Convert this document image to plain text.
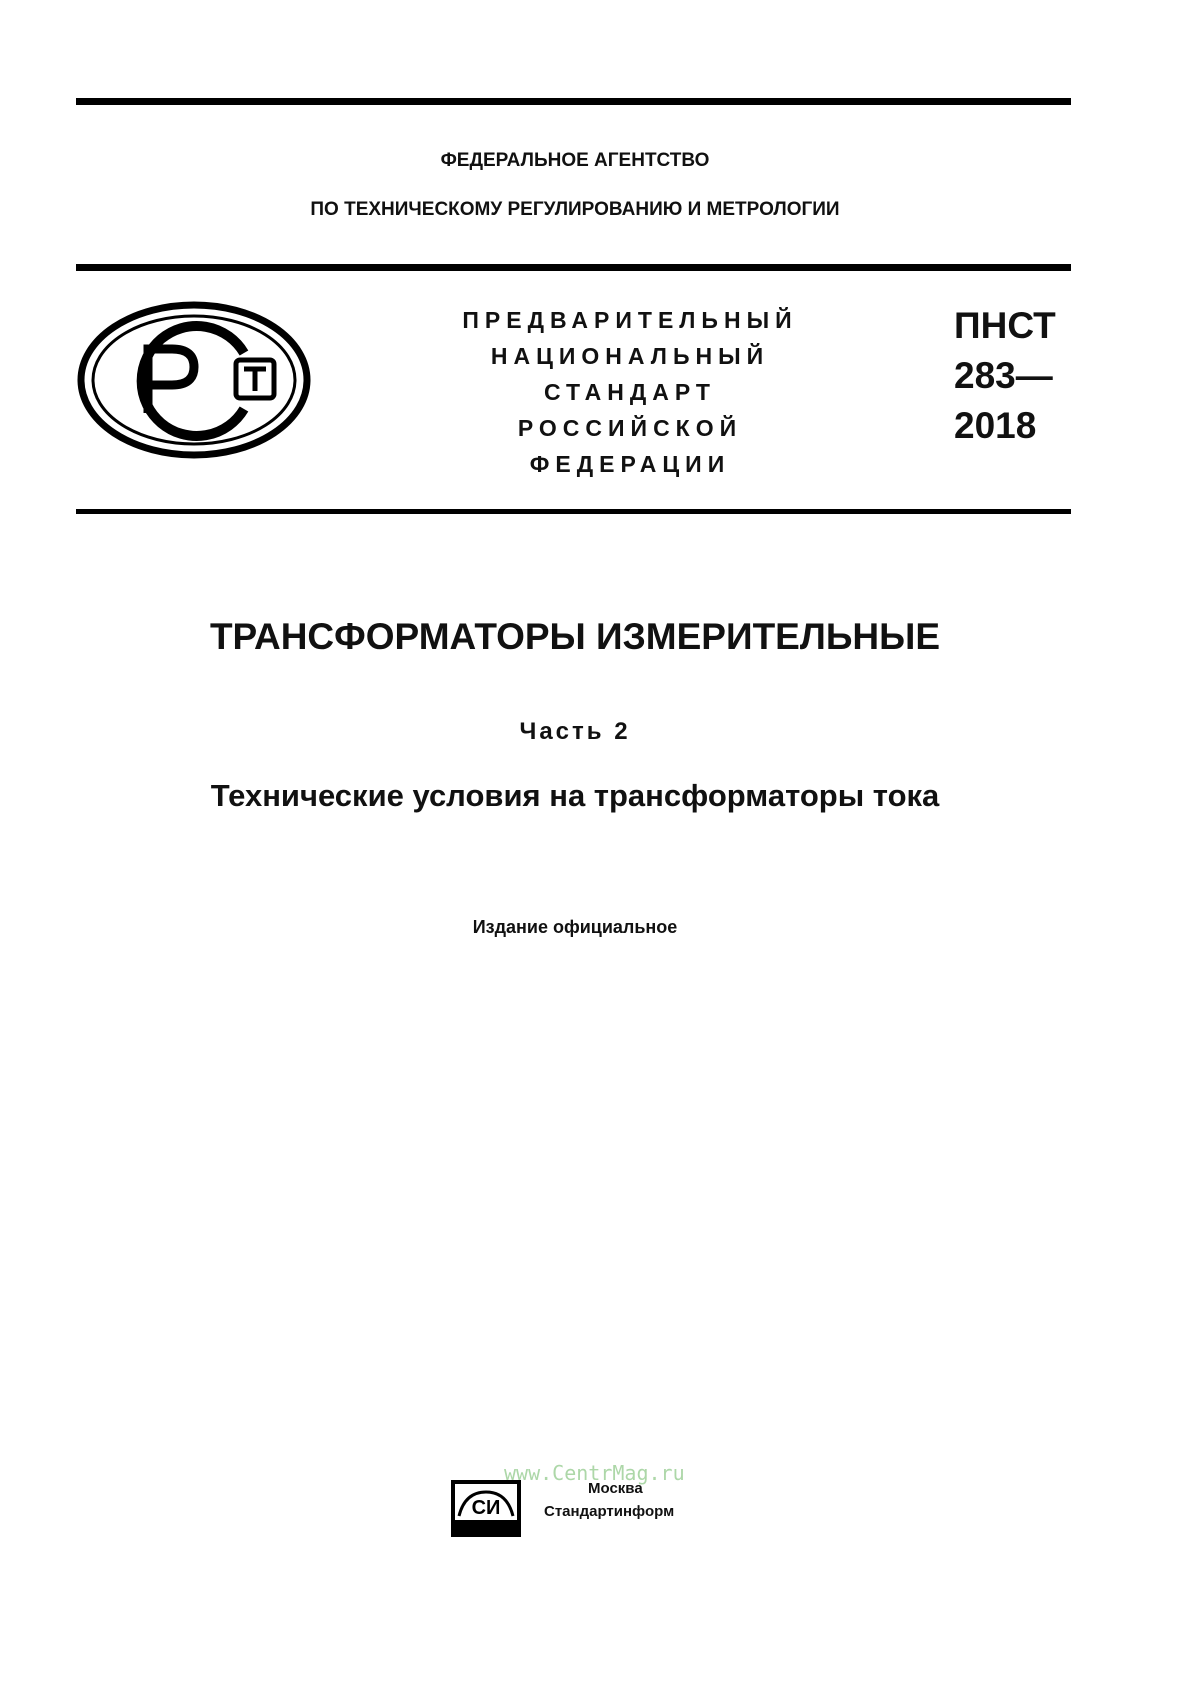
ФЕДЕРАЛЬНОЕ АГЕНТСТВО
ПО ТЕХНИЧЕСКОМУ РЕГУЛИРОВАНИЮ И МЕТРОЛОГИИ
ПРЕДВАРИТЕЛЬНЫЙ
НАЦИОНАЛЬНЫЙ
СТАНДАРТ
РОССИЙСКОЙ
ФЕДЕРАЦИИ
ПНСТ
283—
2018
ТРАНСФОРМАТОРЫ ИЗМЕРИТЕЛЬНЫЕ
Часть 2
Технические условия на трансформаторы тока
Издание официальное
СИ
www.CentrMag.ru
Москва
Стандартинформ
